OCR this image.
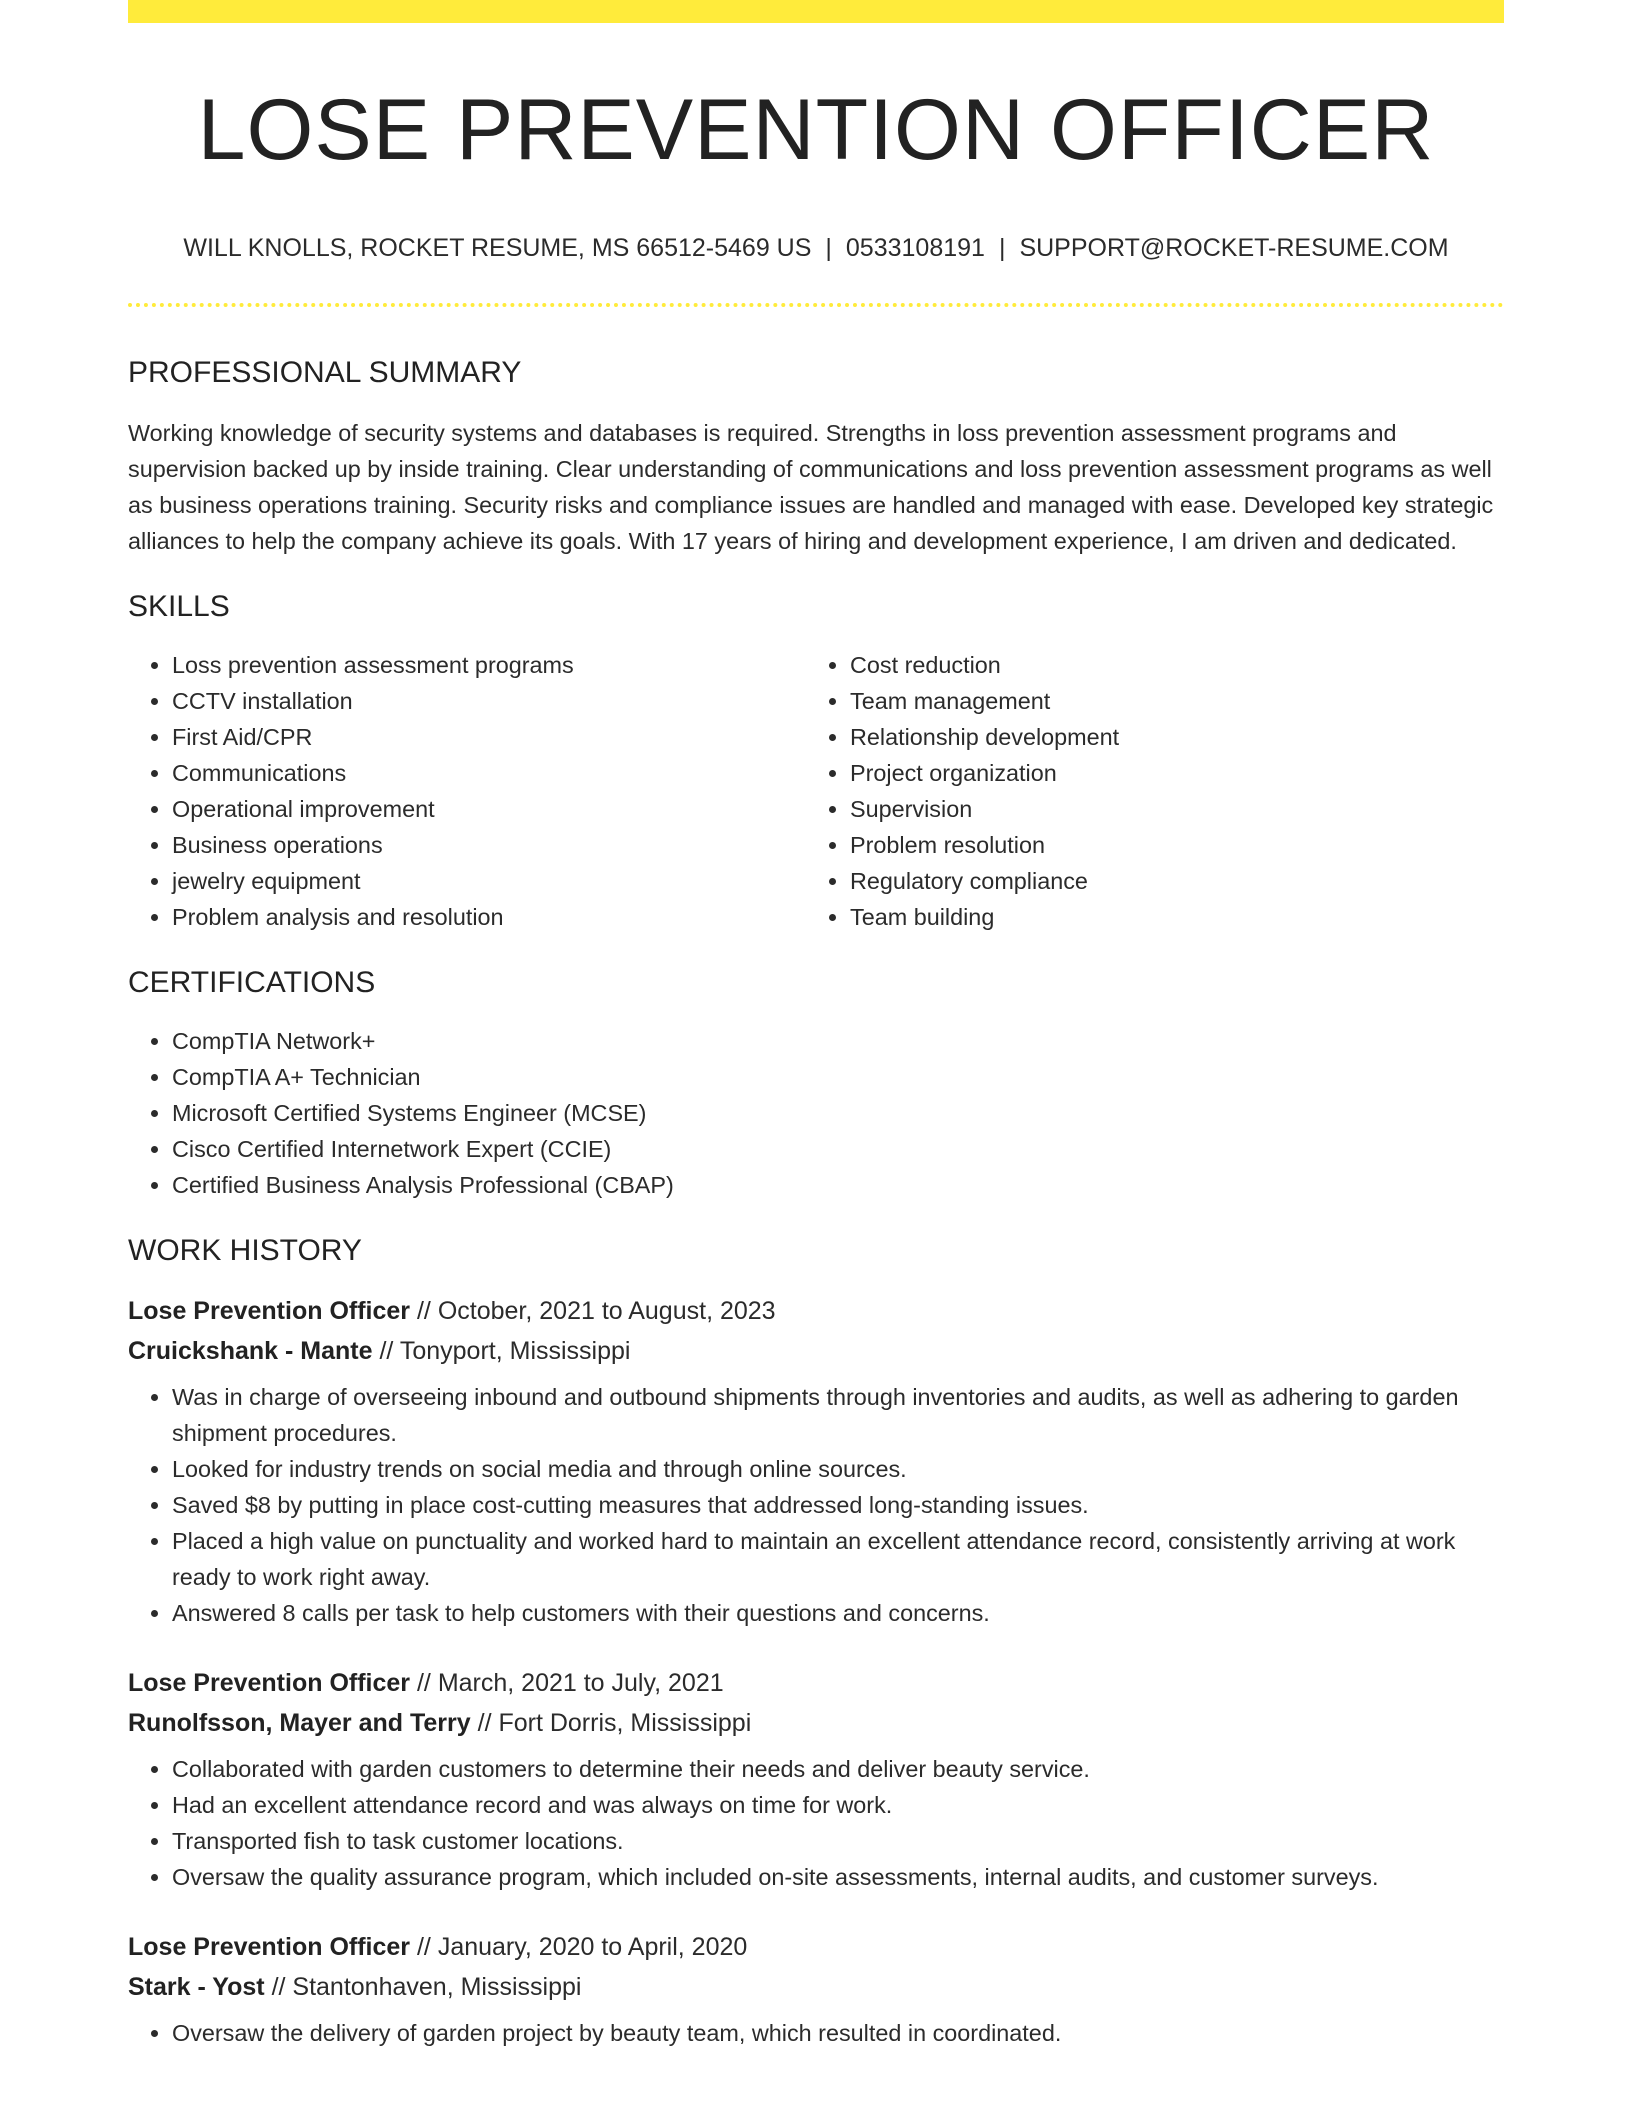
LOSE PREVENTION OFFICER
WILL KNOLLS, ROCKET RESUME, MS 66512-5469 US | 0533108191 | SUPPORT@ROCKET-RESUME.COM
PROFESSIONAL SUMMARY
Working knowledge of security systems and databases is required. Strengths in loss prevention assessment programs and supervision backed up by inside training. Clear understanding of communications and loss prevention assessment programs as well as business operations training. Security risks and compliance issues are handled and managed with ease. Developed key strategic alliances to help the company achieve its goals. With 17 years of hiring and development experience, I am driven and dedicated.
SKILLS
• Loss prevention assessment programs
• CCTV installation
• First Aid/CPR
• Communications
• Operational improvement
• Business operations
• jewelry equipment
• Problem analysis and resolution
• Cost reduction
• Team management
• Relationship development
• Project organization
• Supervision
• Problem resolution
• Regulatory compliance
• Team building
CERTIFICATIONS
• CompTIA Network+
• CompTIA A+ Technician
• Microsoft Certified Systems Engineer (MCSE)
• Cisco Certified Internetwork Expert (CCIE)
• Certified Business Analysis Professional (CBAP)
WORK HISTORY
Lose Prevention Officer // October, 2021 to August, 2023
Cruickshank - Mante // Tonyport, Mississippi
• Was in charge of overseeing inbound and outbound shipments through inventories and audits, as well as adhering to garden shipment procedures.
• Looked for industry trends on social media and through online sources.
• Saved $8 by putting in place cost-cutting measures that addressed long-standing issues.
• Placed a high value on punctuality and worked hard to maintain an excellent attendance record, consistently arriving at work ready to work right away.
• Answered 8 calls per task to help customers with their questions and concerns.
Lose Prevention Officer // March, 2021 to July, 2021
Runolfsson, Mayer and Terry // Fort Dorris, Mississippi
• Collaborated with garden customers to determine their needs and deliver beauty service.
• Had an excellent attendance record and was always on time for work.
• Transported fish to task customer locations.
• Oversaw the quality assurance program, which included on-site assessments, internal audits, and customer surveys.
Lose Prevention Officer // January, 2020 to April, 2020
Stark - Yost // Stantonhaven, Mississippi
• Oversaw the delivery of garden project by beauty team, which resulted in coordinated.
